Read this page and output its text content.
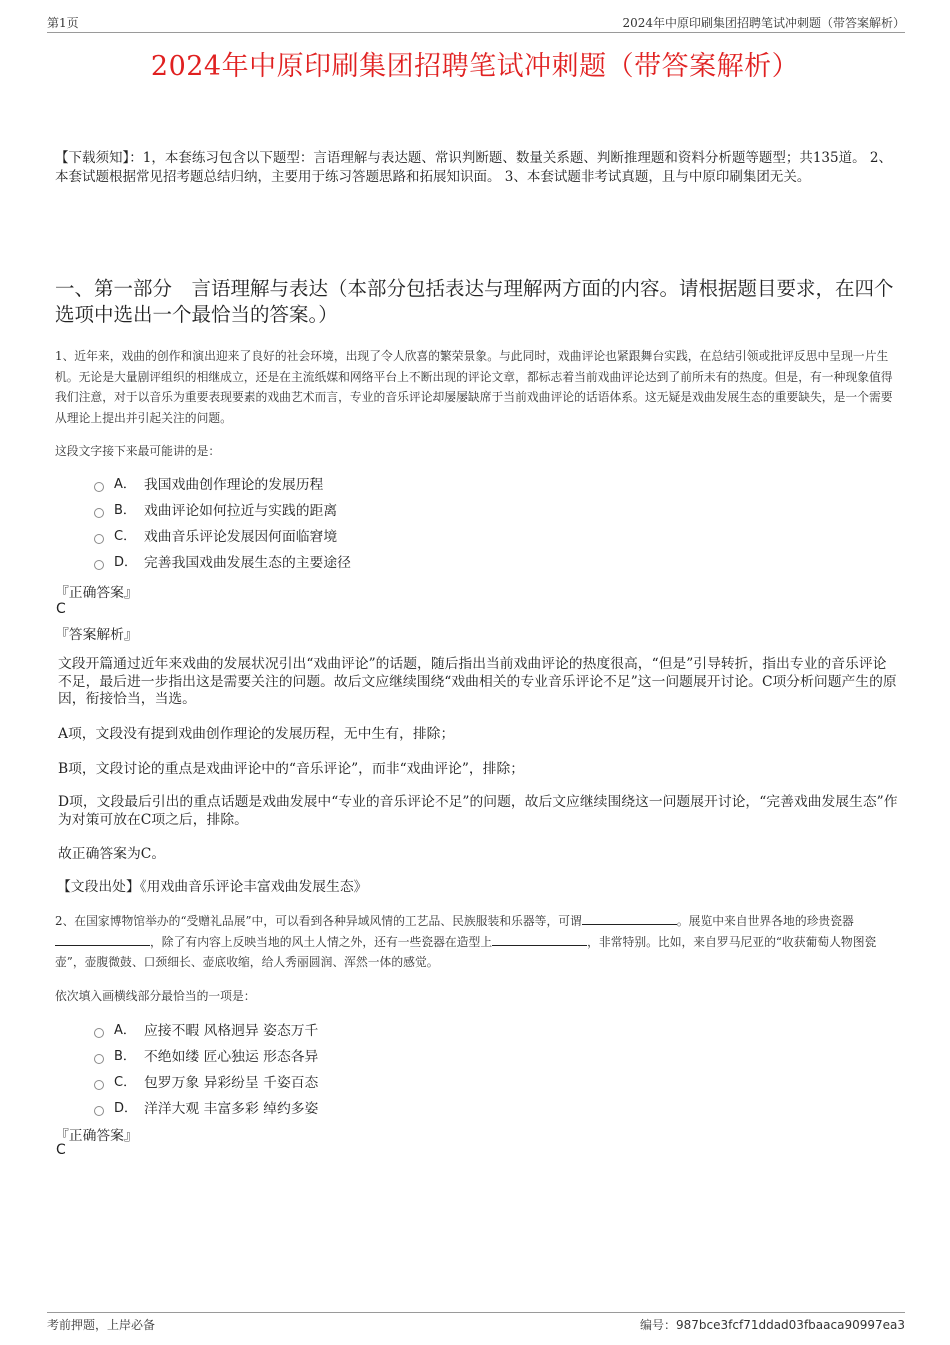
第1页	2024年中原印刷集团招聘笔试冲刺题（带答案解析）
2024年中原印刷集团招聘笔试冲刺题（带答案解析）
【下载须知】：1，本套练习包含以下题型：言语理解与表达题、常识判断题、数量关系题、判断推理题和资料分析题等题型；共135道。 2、本套试题根据常见招考题总结归纳，主要用于练习答题思路和拓展知识面。 3、本套试题非考试真题，且与中原印刷集团无关。
一、第一部分　言语理解与表达（本部分包括表达与理解两方面的内容。请根据题目要求，在四个选项中选出一个最恰当的答案。）
1、近年来，戏曲的创作和演出迎来了良好的社会环境，出现了令人欣喜的繁荣景象。与此同时，戏曲评论也紧跟舞台实践，在总结引领或批评反思中呈现一片生机。无论是大量剧评组织的相继成立，还是在主流纸媒和网络平台上不断出现的评论文章，都标志着当前戏曲评论达到了前所未有的热度。但是，有一种现象值得我们注意，对于以音乐为重要表现要素的戏曲艺术而言，专业的音乐评论却屡屡缺席于当前戏曲评论的话语体系。这无疑是戏曲发展生态的重要缺失，是一个需要从理论上提出并引起关注的问题。
这段文字接下来最可能讲的是：
A． 我国戏曲创作理论的发展历程
B． 戏曲评论如何拉近与实践的距离
C． 戏曲音乐评论发展因何面临窘境
D． 完善我国戏曲发展生态的主要途径
『正确答案』
C
『答案解析』
文段开篇通过近年来戏曲的发展状况引出“戏曲评论”的话题，随后指出当前戏曲评论的热度很高，“但是”引导转折，指出专业的音乐评论不足，最后进一步指出这是需要关注的问题。故后文应继续围绕“戏曲相关的专业音乐评论不足”这一问题展开讨论。C项分析问题产生的原因，衔接恰当，当选。
A项，文段没有提到戏曲创作理论的发展历程，无中生有，排除；
B项，文段讨论的重点是戏曲评论中的“音乐评论”，而非“戏曲评论”，排除；
D项，文段最后引出的重点话题是戏曲发展中“专业的音乐评论不足”的问题，故后文应继续围绕这一问题展开讨论，“完善戏曲发展生态”作为对策可放在C项之后，排除。
故正确答案为C。
【文段出处】《用戏曲音乐评论丰富戏曲发展生态》
2、在国家博物馆举办的“受赠礼品展”中，可以看到各种异域风情的工艺品、民族服装和乐器等，可谓	。展览中来自世界各地的珍贵瓷器，除了有内容上反映当地的风土人情之外，还有一些瓷器在造型上	，非常特别。比如，来自罗马尼亚的“收获葡萄人物图瓷壶”，壶腹微鼓、口颈细长、壶底收缩，给人秀丽圆润、浑然一体的感觉。
依次填入画横线部分最恰当的一项是：
A． 应接不暇 风格迥异 姿态万千
B． 不绝如缕 匠心独运 形态各异
C． 包罗万象 异彩纷呈 千姿百态
D． 洋洋大观 丰富多彩 绰约多姿
『正确答案』
C
考前押题，上岸必备	编号：987bce3fcf71ddad03fbaaca90997ea3
